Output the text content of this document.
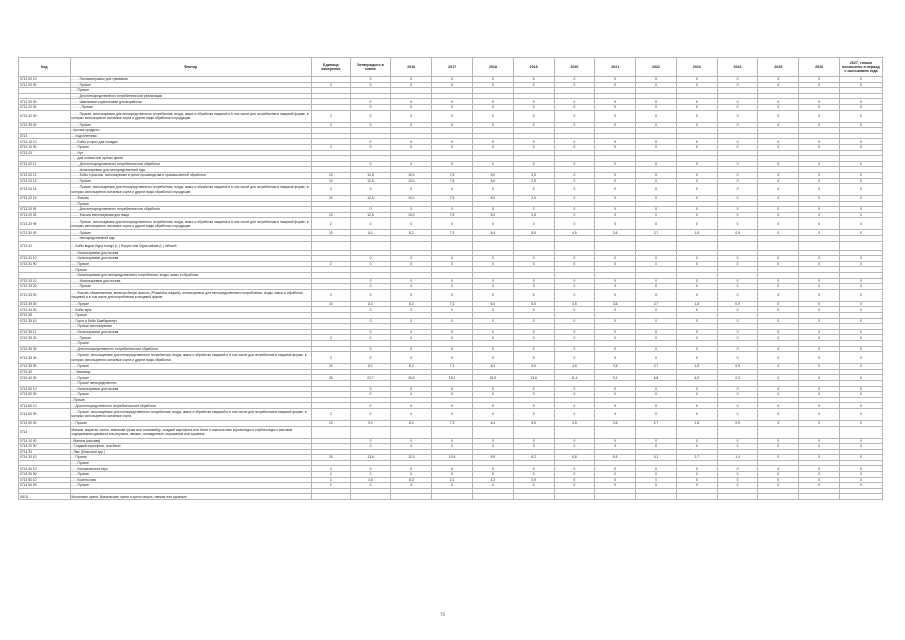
Код	Фактор	Единица измерения	Затверждено в плане	2016	2017	2018	2019	2020	2021	2022	2023	2024	2025	2026	2027, только вычислено в период с окончанием года
0712 00 10	- - - - Пиломатериалы для тувивания		0	0	0	0	0	0	0	0	0	0	0	0	0
0712 00 90	- - - - Прочие	2	0	0	0	0	0	0	0	0	0	0	0	0	0
	- - - Прочие														
	- - - - Для непосредственного потребления или реализации														
0712 20 00	- - - - Шиповники и цветоножки для выработки		0	0	0	0	0	0	0	0	0	0	0	0	0
0712 20 00	- - - - - Прочие		0	0	0	0	0	0	0	0	0	0	0	0	0
0712 32 00	- - - - Прочие, используемые для непосредственного потребления, ягоды, жмых и обработки пищевой и в том числе для потребления в пищевой форме, в которых используются основные сорта и другие виды обработки и продукции	2	0	0	0	0	0	0	0	0	0	0	0	0	0
0712 39 00	- - - - Прочие	2	0	0	0	0	0	0	0	0	0	0	0	0	0
	- прочие продукты														
0713	- - подсолнечник														
0713 10 10	- - - Бобы и горох для посадки		0	0	0	0	0	0	0	0	0	0	0	0	0
0713 10 90	- - - Прочие	2	0	0	0	0	0	0	0	0	0	0	0	0	0
0713 20	- - - Нут														
	- - - для посева или прочих целей														
0713 20 11	- - - - Для непосредственного потребления или обработки		0	0	0	0	0	0	0	0	0	0	0	0	0
	- - - - Используемые для непосредственной еды														
0713 20 12	- - - - Бобы и фасоль, используемые в целях производства и промышленной обработки	10	12,5	10,0	7,5	5,0	2,5	0	0	0	0	0	0	0	0
0713 20 13	- - - - Прочие	10	12,5	10,0	7,5	5,0	2,5	0	0	0	0	0	0	0	0
0713 20 14	- - - - Прочие, используемые для непосредственного потребления, ягоды, жмых и обработки пищевой и в том числе для потребления в пищевой форме, в которых используются основные сорта и другие виды обработки и продукции	2	0	0	0	0	0	0	0	0	0	0	0	0	0
0713 20 19	- - - Фасоль	10	12,5	10,0	7,5	5,0	2,5	0	0	0	0	0	0	0	0
	- - - Прочие														
0713 20 91	- - - - Для непосредственного потребления или обработки		0	0	0	0	0	0	0	0	0	0	0	0	0
0713 20 92	- - - - Фасоль используемая для пищи	10	12,5	10,0	7,5	5,0	2,5	0	0	0	0	0	0	0	0
0713 20 99	- - - - Прочие, используемые для непосредственного потребления, ягоды, жмых и обработки пищевой и в том числе для потребления в пищевой форме, в которых используются основные сорта и другие виды обработки и продукции	2	0	0	0	0	0	0	0	0	0	0	0	0	0
0713 30 00	- - - - Прочие	10	8,1	8,2	7,3	6,4	5,5	4,5	3,6	2,7	1,8	0,9	0	0	0
	- - - - непосредственной еды														
0713 31	- - Бобы видов Vigna mungo (L.) Hepper или Vigna radiata (L.) Wilczek														
	- - - Используемые для посева														
0713 31 10	- - - Используемые для посева		0	0	0	0	0	0	0	0	0	0	0	0	0
0713 31 90	- - - Прочие	2	0	0	0	0	0	0	0	0	0	0	0	0	0
	- - Прочие														
	- - - Используемые для непосредственного потребления, ягоды, жмых и обработки														
0713 33 10	- - - - Используемые для посева		0	0	0	0	0	0	0	0	0	0	0	0	0
0713 33 20	- - - - Прочие		0	0	0	0	0	0	0	0	0	0	0	0	0
0713 33 90	- - - Фасоль обыкновенная, включая белую фасоль (Phaseolus vulgaris), используемые для непосредственного потребления, ягоды, жмых и обработки пищевой и в том числе для потребления в пищевой форме	2	0	0	0	0	0	0	0	0	0	0	0	0	0
0713 39 00	- - - Прочие	10	8,1	8,2	7,3	6,4	5,5	4,5	3,6	2,7	1,8	0,9	0	0	0
0713 34 00	- - Бобы мунг		0	0	0	0	0	0	0	0	0	0	0	0	0
0713 35	- - Прочие														
0713 35 10	- - Горох и бобы Бамбарахнут		0	0	0	0	0	0	0	0	0	0	0	0	0
	- - - Прочие используемые														
0713 35 11	- - - Используемые для посева		0	0	0	0	0	0	0	0	0	0	0	0	0
0713 35 20	- - - - Прочие	2	0	0	0	0	0	0	0	0	0	0	0	0	0
	- - - Прочие														
0713 35 30	- - - Для непосредственного потребления или обработки		0	0	0	0	0	0	0	0	0	0	0	0	0
0713 35 40	- - - Прочие, используемые для непосредственного потребления, ягоды, жмых и обработки пищевой и в том числе для потребления в пищевой форме, в которых используются основные сорта и другие виды обработки	2	0	0	0	0	0	0	0	0	0	0	0	0	0
0713 35 90	- - - Прочие	10	8,1	8,2	7,3	6,4	5,5	4,5	3,6	2,7	1,8	0,9	0	0	0
0713 40	- - Чечевица														
0713 40 00	- - - Прочие	25	22,7	20,5	18,2	15,9	13,6	11,4	9,1	6,8	4,5	2,3	0	0	0
	- - - Прочие непосредственно														
0713 50 10	- - - Используемые для посева		0	0	0	0	0	0	0	0	0	0	0	0	0
0713 50 90	- - - Прочие		0	0	0	0	0	0	0	0	0	0	0	0	0
	- Прочие														
0713 60 10	- - Для непосредственного потребления или обработки		0	0	0	0	0	0	0	0	0	0	0	0	0
0713 60 90	- - - Прочие, используемые для непосредственного потребления, ягоды, жмых и обработки пищевой и в том числе для потребления в пищевой форме, в которых используются основные сорта	2	0	0	0	0	0	0	0	0	0	0	0	0	0
0713 90 00	- - Прочие	10	9,1	8,2	7,3	6,4	5,5	4,5	3,6	2,7	1,8	0,9	0	0	0
0714	Маниок, маранта, салеп, земляная груша или топинамбур, сладкий картофель или батат и аналогичные корнеплоды и клубнеплоды с высоким содержанием крахмала или инулина, свежие, охлажденные, мороженые или сушеные														
0714 10 00	- Маниок (кассава)		0	0	0	0	0	0	0	0	0	0	0	0	0
0714 20 00	- Сладкий картофель, или батат		0	0	0	0	0	0	0	0	0	0	0	0	0
0714 30	- Ямс (Dioscorea spp.)														
0714 30 10	- - Прочие	15	13,6	12,3	10,9	9,5	8,2	6,8	5,5	4,1	2,7	1,4	0	0	0
	- - - Прочие														
0714 40 10	- - - Колоказия или таро	2	0	0	0	0	0	0	0	0	0	0	0	0	0
0714 40 90	- - - Прочие	2	0	0	0	0	0	0	0	0	0	0	0	0	0
0714 50 10	- - - Ксантосома	2	4,5	5,3	2,1	1,2	0,9	0	0	0	0	0	0	0	0
0714 90 90	- - - Прочие	2	0	0	0	0	0	0	0	0	0	0	0	0	0

08.01	Кокосовые орехи, бразильские орехи и орехи кешью, свежие или сушеные														
76
